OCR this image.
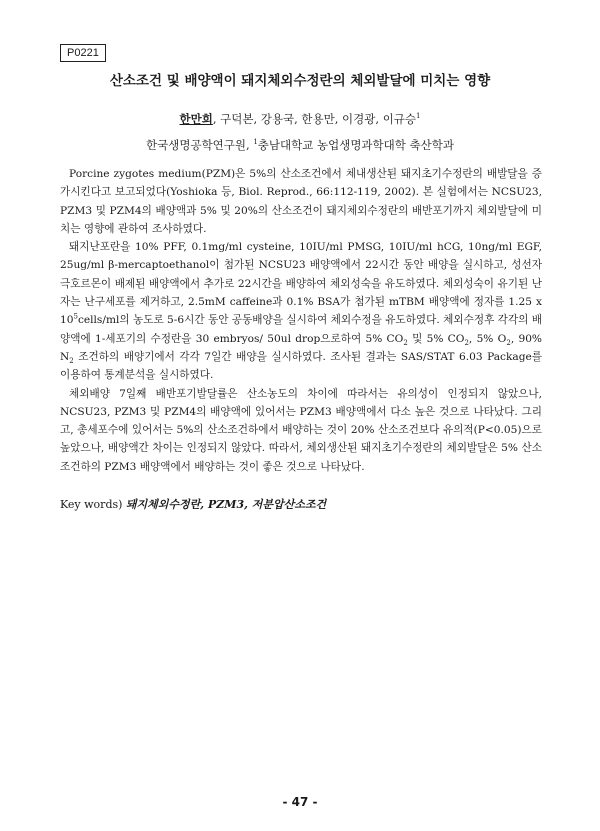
P0221
산소조건 및 배양액이 돼지체외수정란의 체외발달에 미치는 영향
한만희, 구덕본, 강용국, 한용만, 이경광, 이규승$^1$
한국생명공학연구원, $^1$충남대학교 농업생명과학대학 축산학과

Porcine zygotes medium(PZM)은 5%의 산소조건에서 체내생산된 돼지초기수정란의 배발달을 증가시킨다고 보고되었다(Yoshioka 등, Biol. Reprod., 66:112-119, 2002). 본 실험에서는 NCSU23, PZM3 및 PZM4의 배양액과 5% 및 20%의 산소조건이 돼지체외수정란의 배반포기까지 체외발달에 미치는 영향에 관하여 조사하였다.

돼지난포란을 10% PFF, 0.1mg/ml cysteine, 10IU/ml PMSG, 10IU/ml hCG, 10ng/ml EGF, 25ug/ml β-mercaptoethanol이 첨가된 NCSU23 배양액에서 22시간 동안 배양을 실시하고, 성선자극호르몬이 배제된 배양액에서 추가로 22시간을 배양하여 체외성숙을 유도하였다. 체외성숙이 유기된 난자는 난구세포를 제거하고, 2.5mM caffeine과 0.1% BSA가 첨가된 mTBM 배양액에 정자를 1.25 x $10^5cells/ml$의 농도로 5-6시간 동안 공동배양을 실시하여 체외수정을 유도하였다. 체외수정후 각각의 배양액에 1-세포기의 수정란을 30 embryos/ 50ul drop으로하여 5% $CO_2$ 및 5% $CO_2$, 5% $O_2$, 90% $N_2$ 조건하의 배양기에서 각각 7일간 배양을 실시하였다. 조사된 결과는 SAS/STAT 6.03 Package를 이용하여 통계분석을 실시하였다.

체외배양 7일째 배반포기발달률은 산소농도의 차이에 따라서는 유의성이 인정되지 않았으나, NCSU23, PZM3 및 PZM4의 배양액에 있어서는 PZM3 배양액에서 다소 높은 것으로 나타났다. 그리고, 총세포수에 있어서는 5%의 산소조건하에서 배양하는 것이 20% 산소조건보다 유의적(P<0.05)으로 높았으나, 배양액간 차이는 인정되지 않았다. 따라서, 체외생산된 돼지초기수정란의 체외발달은 5% 산소조건하의 PZM3 배양액에서 배양하는 것이 좋은 것으로 나타났다.

Key words) 돼지체외수정란, PZM3, 저분압산소조건
- 47 -
